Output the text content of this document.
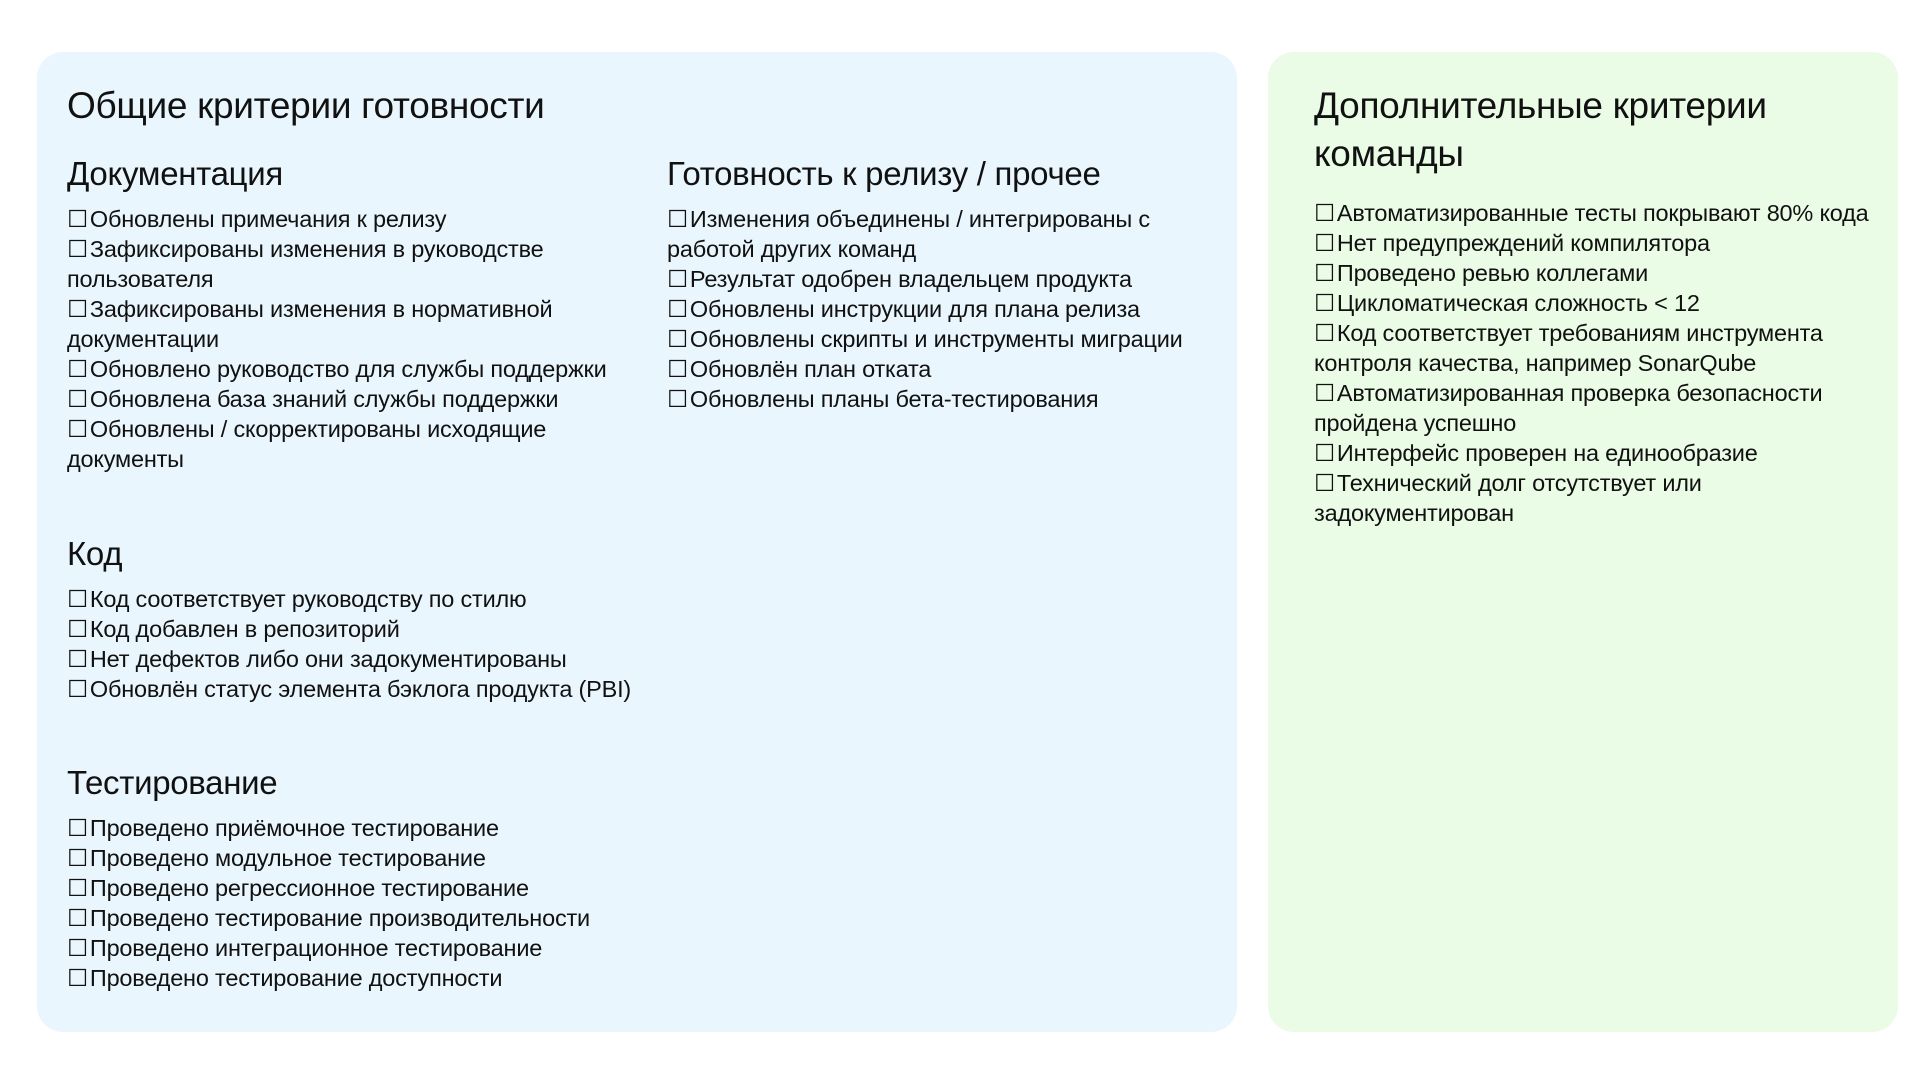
Общие критерии готовности
Документация
☐Обновлены примечания к релизу
☐Зафиксированы изменения в руководстве пользователя
☐Зафиксированы изменения в нормативной документации
☐Обновлено руководство для службы поддержки
☐Обновлена база знаний службы поддержки
☐Обновлены / скорректированы исходящие документы
Готовность к релизу / прочее
☐Изменения объединены / интегрированы с работой других команд
☐Результат одобрен владельцем продукта
☐Обновлены инструкции для плана релиза
☐Обновлены скрипты и инструменты миграции
☐Обновлён план отката
☐Обновлены планы бета-тестирования
Код
☐Код соответствует руководству по стилю
☐Код добавлен в репозиторий
☐Нет дефектов либо они задокументированы
☐Обновлён статус элемента бэклога продукта (PBI)
Тестирование
☐Проведено приёмочное тестирование
☐Проведено модульное тестирование
☐Проведено регрессионное тестирование
☐Проведено тестирование производительности
☐Проведено интеграционное тестирование
☐Проведено тестирование доступности
Дополнительные критерии команды
☐Автоматизированные тесты покрывают 80% кода
☐Нет предупреждений компилятора
☐Проведено ревью коллегами
☐Цикломатическая сложность < 12
☐Код соответствует требованиям инструмента контроля качества, например SonarQube
☐Автоматизированная проверка безопасности пройдена успешно
☐Интерфейс проверен на единообразие
☐Технический долг отсутствует или задокументирован
